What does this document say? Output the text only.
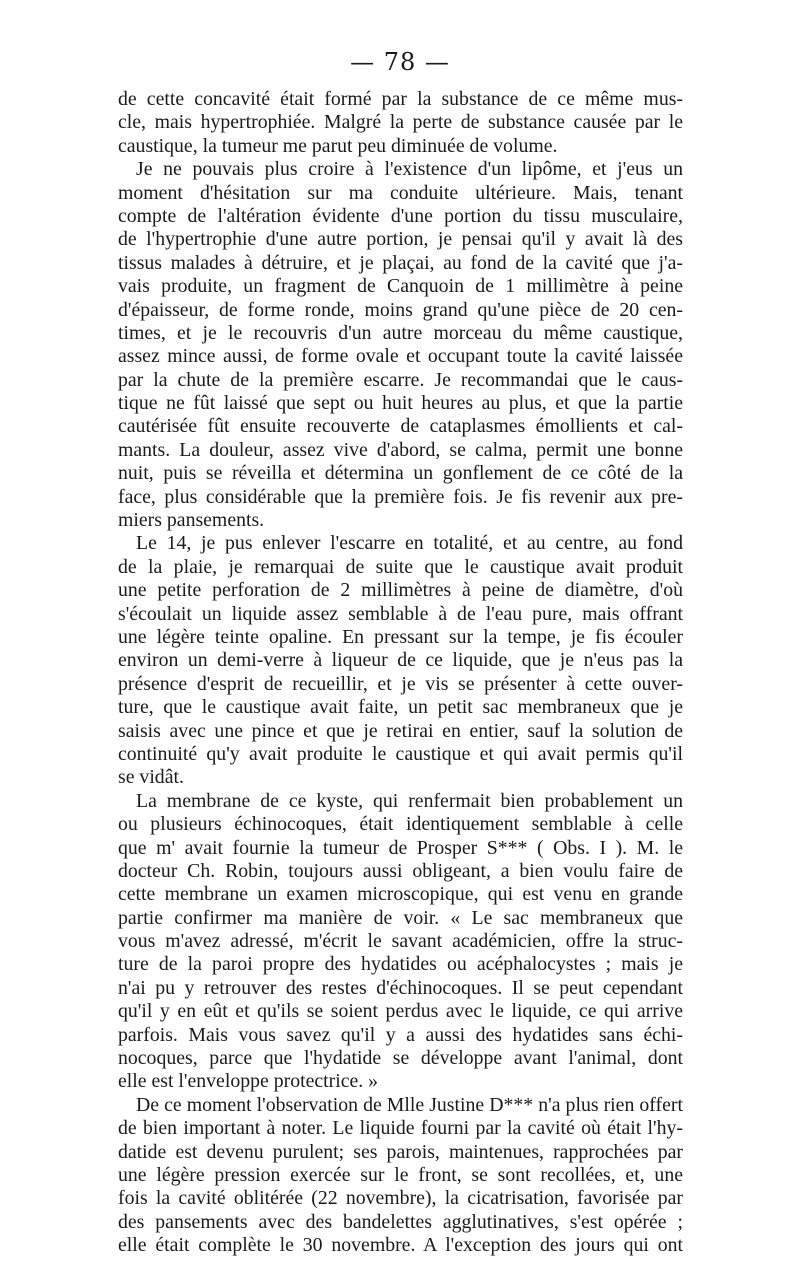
— 78 —
de cette concavité était formé par la substance de ce même mus-
cle, mais hypertrophiée. Malgré la perte de substance causée par le
caustique, la tumeur me parut peu diminuée de volume.
Je ne pouvais plus croire à l'existence d'un lipôme, et j'eus un
moment d'hésitation sur ma conduite ultérieure. Mais, tenant
compte de l'altération évidente d'une portion du tissu musculaire,
de l'hypertrophie d'une autre portion, je pensai qu'il y avait là des
tissus malades à détruire, et je plaçai, au fond de la cavité que j'a-
vais produite, un fragment de Canquoin de 1 millimètre à peine
d'épaisseur, de forme ronde, moins grand qu'une pièce de 20 cen-
times, et je le recouvris d'un autre morceau du même caustique,
assez mince aussi, de forme ovale et occupant toute la cavité laissée
par la chute de la première escarre. Je recommandai que le caus-
tique ne fût laissé que sept ou huit heures au plus, et que la partie
cautérisée fût ensuite recouverte de cataplasmes émollients et cal-
mants. La douleur, assez vive d'abord, se calma, permit une bonne
nuit, puis se réveilla et détermina un gonflement de ce côté de la
face, plus considérable que la première fois. Je fis revenir aux pre-
miers pansements.
Le 14, je pus enlever l'escarre en totalité, et au centre, au fond
de la plaie, je remarquai de suite que le caustique avait produit
une petite perforation de 2 millimètres à peine de diamètre, d'où
s'écoulait un liquide assez semblable à de l'eau pure, mais offrant
une légère teinte opaline. En pressant sur la tempe, je fis écouler
environ un demi-verre à liqueur de ce liquide, que je n'eus pas la
présence d'esprit de recueillir, et je vis se présenter à cette ouver-
ture, que le caustique avait faite, un petit sac membraneux que je
saisis avec une pince et que je retirai en entier, sauf la solution de
continuité qu'y avait produite le caustique et qui avait permis qu'il
se vidât.
La membrane de ce kyste, qui renfermait bien probablement un
ou plusieurs échinocoques, était identiquement semblable à celle
que m' avait fournie la tumeur de Prosper S*** ( Obs. I ). M. le
docteur Ch. Robin, toujours aussi obligeant, a bien voulu faire de
cette membrane un examen microscopique, qui est venu en grande
partie confirmer ma manière de voir. « Le sac membraneux que
vous m'avez adressé, m'écrit le savant académicien, offre la struc-
ture de la paroi propre des hydatides ou acéphalocystes ; mais je
n'ai pu y retrouver des restes d'échinocoques. Il se peut cependant
qu'il y en eût et qu'ils se soient perdus avec le liquide, ce qui arrive
parfois. Mais vous savez qu'il y a aussi des hydatides sans échi-
nocoques, parce que l'hydatide se développe avant l'animal, dont
elle est l'enveloppe protectrice. »
De ce moment l'observation de Mlle Justine D*** n'a plus rien offert
de bien important à noter. Le liquide fourni par la cavité où était l'hy-
datide est devenu purulent; ses parois, maintenues, rapprochées par
une légère pression exercée sur le front, se sont recollées, et, une
fois la cavité oblitérée (22 novembre), la cicatrisation, favorisée par
des pansements avec des bandelettes agglutinatives, s'est opérée ;
elle était complète le 30 novembre. A l'exception des jours qui ont
